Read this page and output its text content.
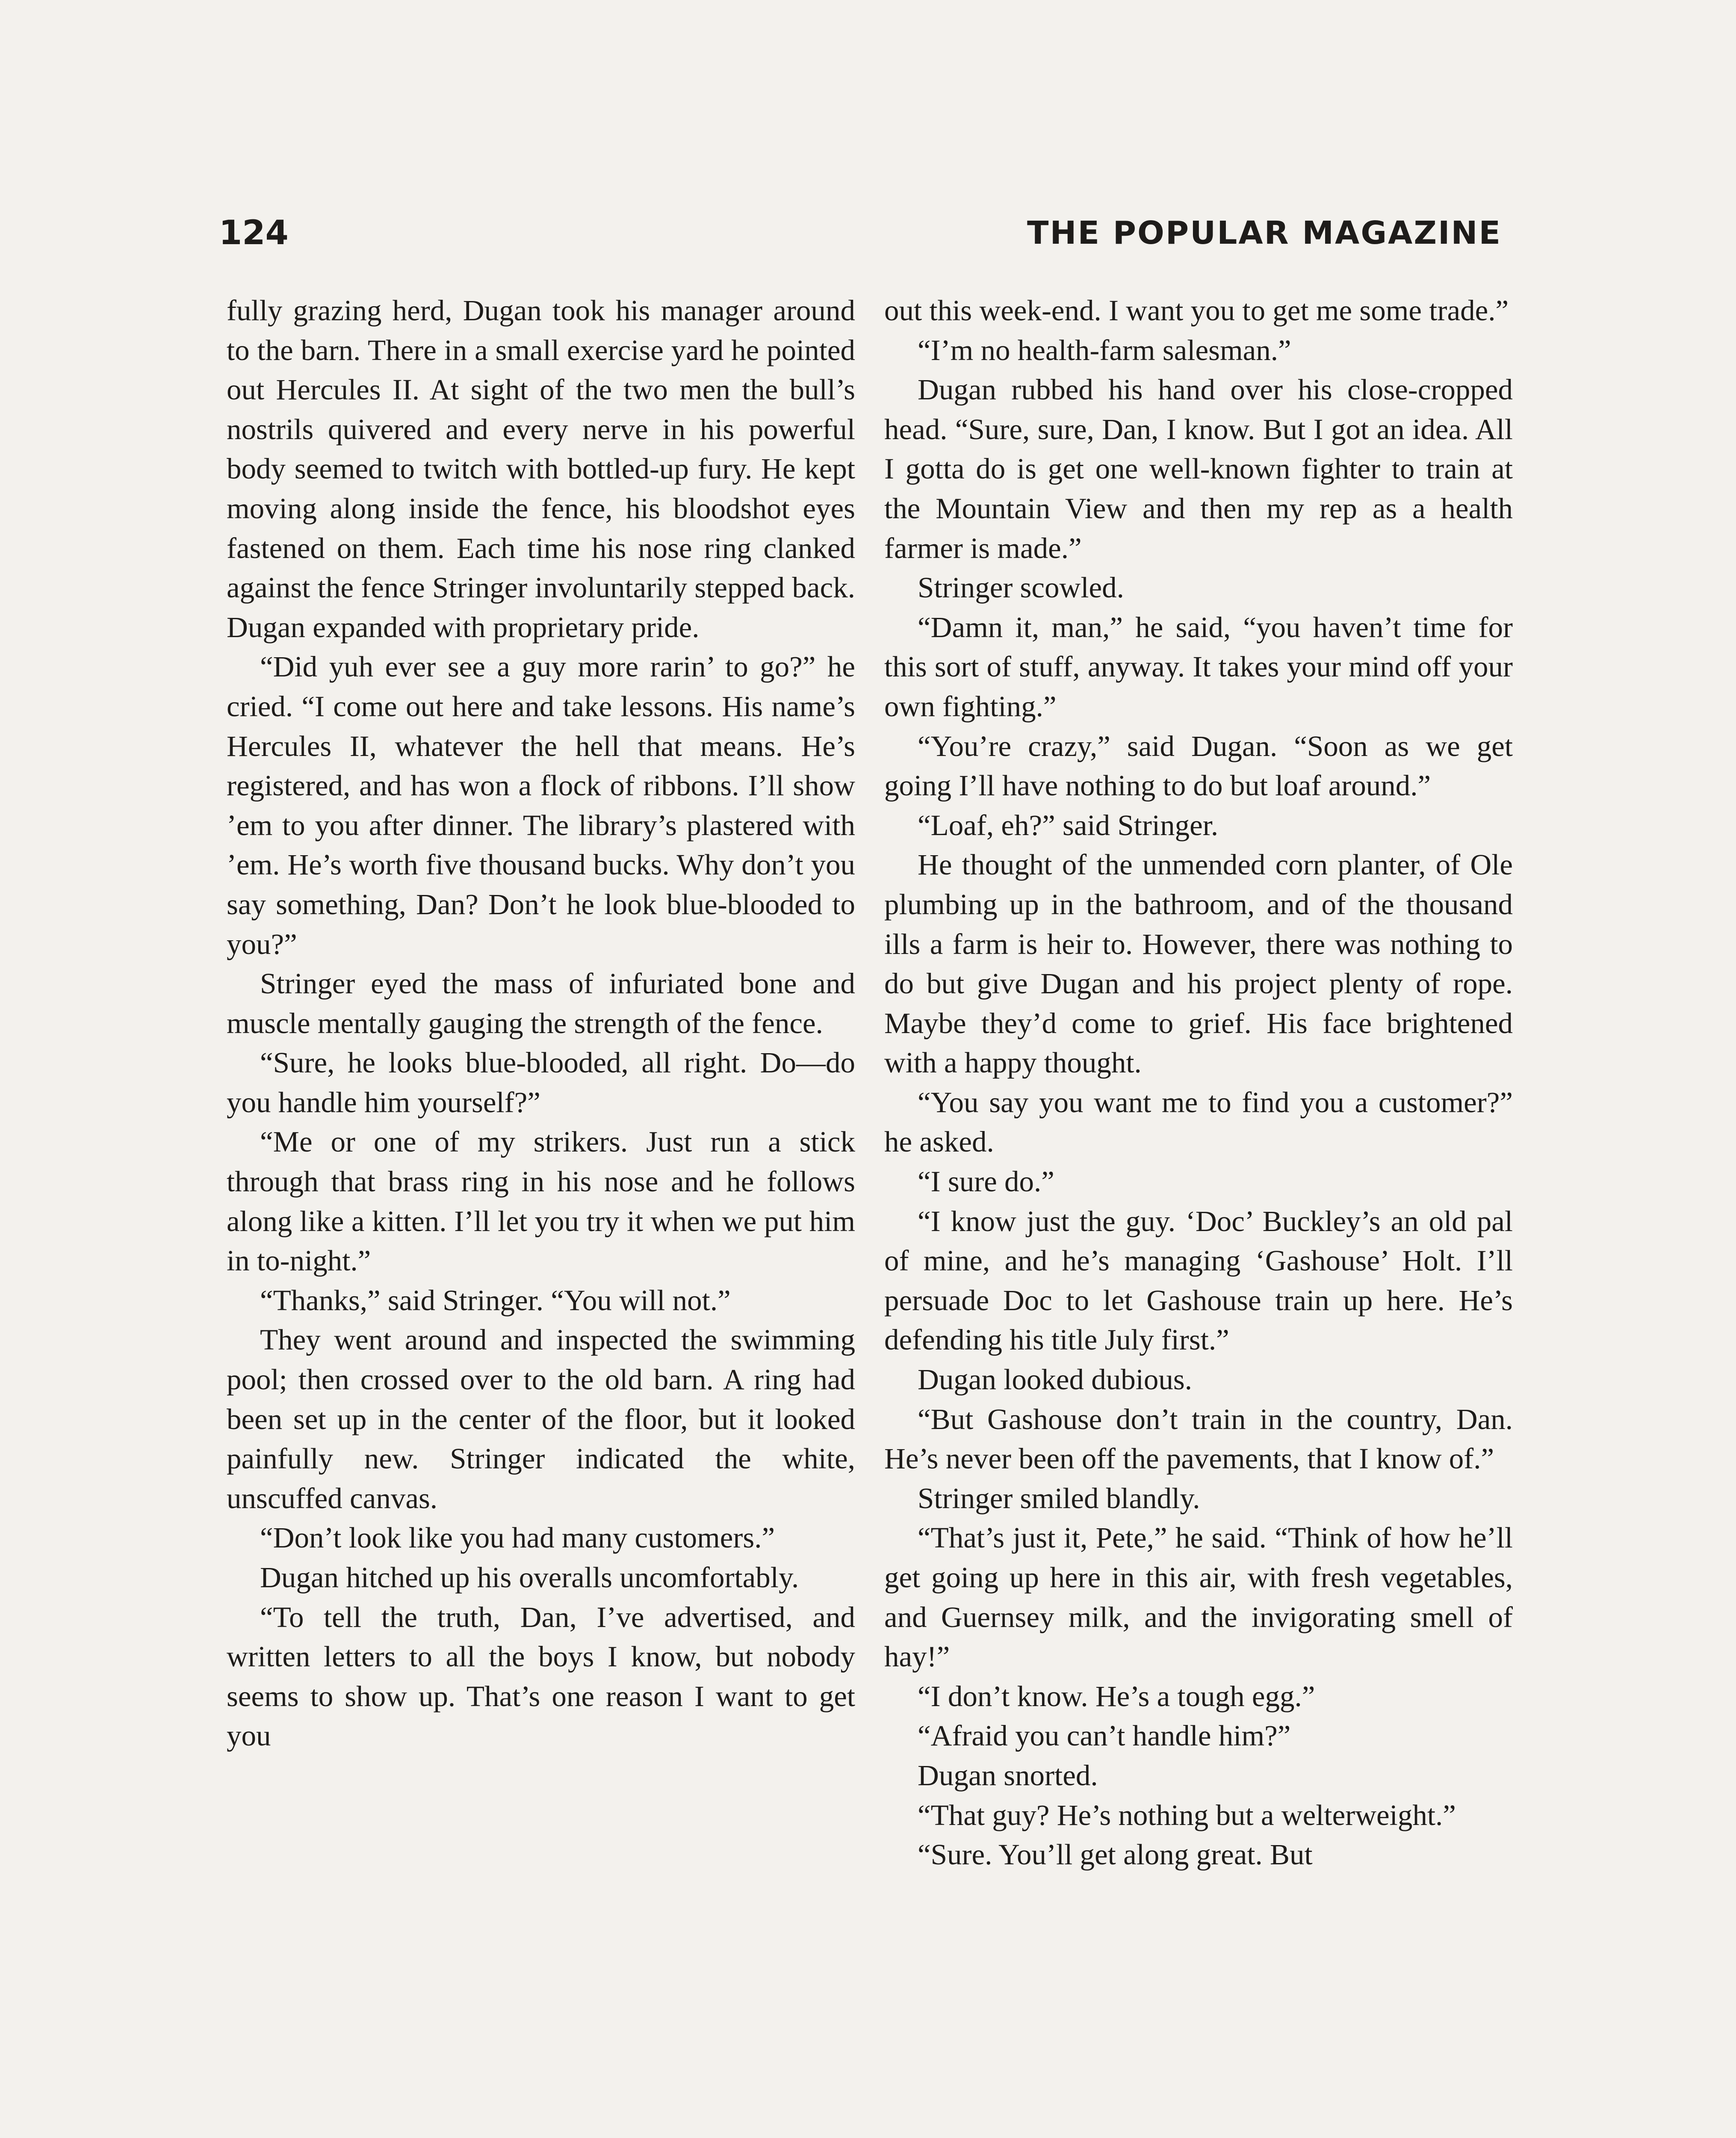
124	THE POPULAR MAGAZINE

fully grazing herd, Dugan took his manager around to the barn. There in a small exercise yard he pointed out Hercules II. At sight of the two men the bull’s nostrils quivered and every nerve in his powerful body seemed to twitch with bottled-up fury. He kept moving along inside the fence, his bloodshot eyes fastened on them. Each time his nose ring clanked against the fence Stringer involuntarily stepped back. Dugan expanded with proprietary pride.

“Did yuh ever see a guy more rarin’ to go?” he cried. “I come out here and take lessons. His name’s Hercules II, whatever the hell that means. He’s registered, and has won a flock of ribbons. I’ll show ’em to you after dinner. The library’s plastered with ’em. He’s worth five thousand bucks. Why don’t you say something, Dan? Don’t he look blue-blooded to you?”

Stringer eyed the mass of infuriated bone and muscle mentally gauging the strength of the fence.

“Sure, he looks blue-blooded, all right. Do—do you handle him yourself?”

“Me or one of my strikers. Just run a stick through that brass ring in his nose and he follows along like a kitten. I’ll let you try it when we put him in to-night.”

“Thanks,” said Stringer. “You will not.”

They went around and inspected the swimming pool; then crossed over to the old barn. A ring had been set up in the center of the floor, but it looked painfully new. Stringer indicated the white, unscuffed canvas.

“Don’t look like you had many customers.”

Dugan hitched up his overalls uncomfortably.

“To tell the truth, Dan, I’ve advertised, and written letters to all the boys I know, but nobody seems to show up. That’s one reason I want to get you

out this week-end. I want you to get me some trade.”

“I’m no health-farm salesman.”

Dugan rubbed his hand over his close-cropped head. “Sure, sure, Dan, I know. But I got an idea. All I gotta do is get one well-known fighter to train at the Mountain View and then my rep as a health farmer is made.”

Stringer scowled.

“Damn it, man,” he said, “you haven’t time for this sort of stuff, anyway. It takes your mind off your own fighting.”

“You’re crazy,” said Dugan. “Soon as we get going I’ll have nothing to do but loaf around.”

“Loaf, eh?” said Stringer.

He thought of the unmended corn planter, of Ole plumbing up in the bathroom, and of the thousand ills a farm is heir to. However, there was nothing to do but give Dugan and his project plenty of rope. Maybe they’d come to grief. His face brightened with a happy thought.

“You say you want me to find you a customer?” he asked.

“I sure do.”

“I know just the guy. ‘Doc’ Buckley’s an old pal of mine, and he’s managing ‘Gashouse’ Holt. I’ll persuade Doc to let Gashouse train up here. He’s defending his title July first.”

Dugan looked dubious.

“But Gashouse don’t train in the country, Dan. He’s never been off the pavements, that I know of.”

Stringer smiled blandly.

“That’s just it, Pete,” he said. “Think of how he’ll get going up here in this air, with fresh vegetables, and Guernsey milk, and the invigorating smell of hay!”

“I don’t know. He’s a tough egg.”

“Afraid you can’t handle him?”

Dugan snorted.

“That guy? He’s nothing but a welterweight.”

“Sure. You’ll get along great. But
